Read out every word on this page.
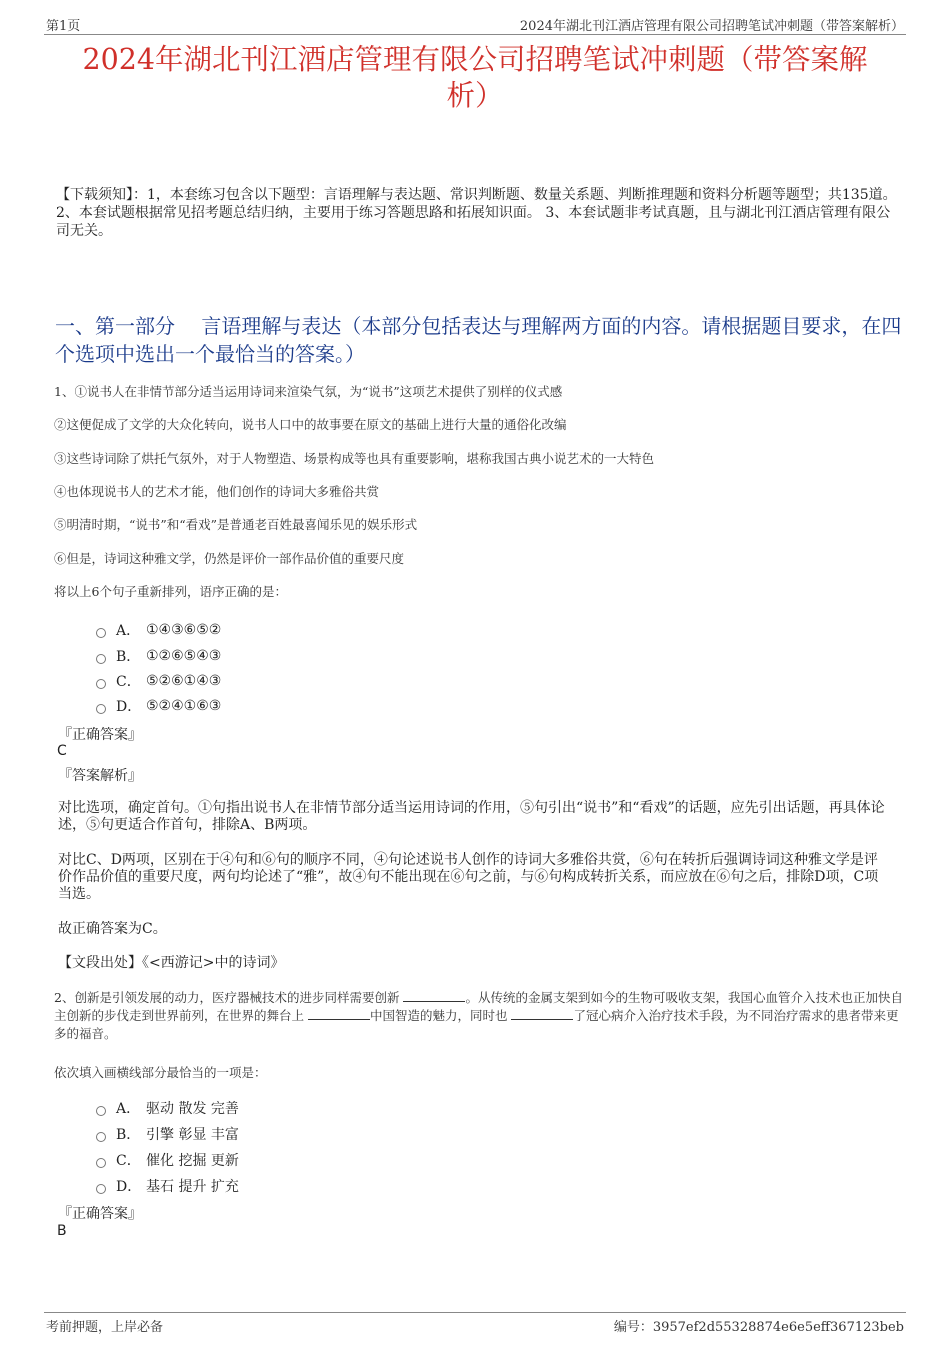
第1页	2024年湖北刊江酒店管理有限公司招聘笔试冲刺题（带答案解析）
2024年湖北刊江酒店管理有限公司招聘笔试冲刺题（带答案解
析）
【下载须知】：1，本套练习包含以下题型：言语理解与表达题、常识判断题、数量关系题、判断推理题和资料分析题等题型；共135道。 2、本套试题根据常见招考题总结归纳，主要用于练习答题思路和拓展知识面。 3、本套试题非考试真题，且与湖北刊江酒店管理有限公司无关。
一、第一部分　 言语理解与表达（本部分包括表达与理解两方面的内容。请根据题目要求，在四个选项中选出一个最恰当的答案。）
1、①说书人在非情节部分适当运用诗词来渲染气氛，为“说书”这项艺术提供了别样的仪式感
②这便促成了文学的大众化转向，说书人口中的故事要在原文的基础上进行大量的通俗化改编
③这些诗词除了烘托气氛外，对于人物塑造、场景构成等也具有重要影响，堪称我国古典小说艺术的一大特色
④也体现说书人的艺术才能，他们创作的诗词大多雅俗共赏
⑤明清时期，“说书”和“看戏”是普通老百姓最喜闻乐见的娱乐形式
⑥但是，诗词这种雅文学，仍然是评价一部作品价值的重要尺度
将以上6个句子重新排列，语序正确的是：
A． ①④③⑥⑤②
B． ①②⑥⑤④③
C． ⑤②⑥①④③
D． ⑤②④①⑥③
『正确答案』
C
『答案解析』
对比选项，确定首句。①句指出说书人在非情节部分适当运用诗词的作用，⑤句引出“说书”和“看戏”的话题，应先引出话题，再具体论述，⑤句更适合作首句，排除A、B两项。
对比C、D两项，区别在于④句和⑥句的顺序不同，④句论述说书人创作的诗词大多雅俗共赏，⑥句在转折后强调诗词这种雅文学是评价作品价值的重要尺度，两句均论述了“雅”，故④句不能出现在⑥句之前，与⑥句构成转折关系，而应放在⑥句之后，排除D项，C项当选。
故正确答案为C。
【文段出处】《<西游记>中的诗词》
2、创新是引领发展的动力，医疗器械技术的进步同样需要创新	。从传统的金属支架到如今的生物可吸收支架，我国心血管介入技术也正加快自主创新的步伐走到世界前列，在世界的舞台上	中国智造的魅力，同时也	了冠心病介入治疗技术手段，为不同治疗需求的患者带来更多的福音。
依次填入画横线部分最恰当的一项是：
A． 驱动 散发 完善
B． 引擎 彰显 丰富
C． 催化 挖掘 更新
D． 基石 提升 扩充
『正确答案』
B
考前押题，上岸必备	编号：3957ef2d55328874e6e5eff367123beb
